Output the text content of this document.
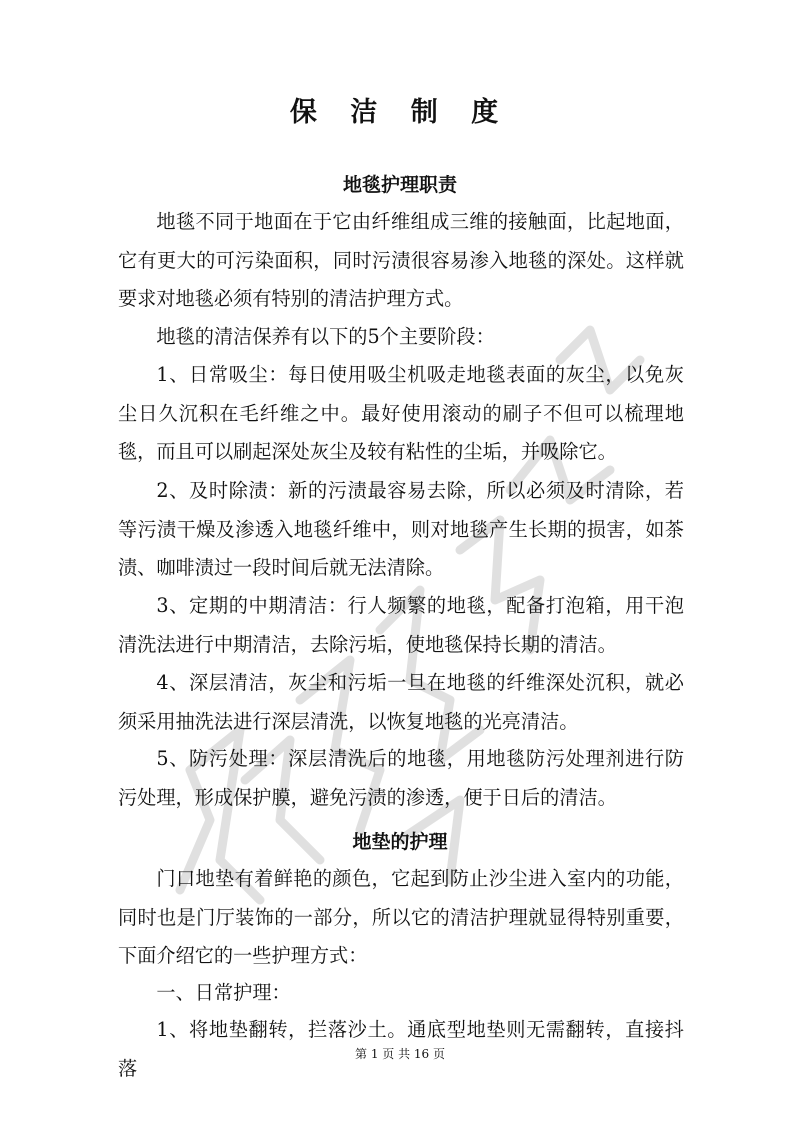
保 洁 制 度
地毯护理职责

地毯不同于地面在于它由纤维组成三维的接触面，比起地面，它有更大的可污染面积，同时污渍很容易渗入地毯的深处。这样就要求对地毯必须有特别的清洁护理方式。

地毯的清洁保养有以下的5个主要阶段：

1、日常吸尘：每日使用吸尘机吸走地毯表面的灰尘，以免灰尘日久沉积在毛纤维之中。最好使用滚动的刷子不但可以梳理地毯，而且可以刷起深处灰尘及较有粘性的尘垢，并吸除它。

2、及时除渍：新的污渍最容易去除，所以必须及时清除，若等污渍干燥及渗透入地毯纤维中，则对地毯产生长期的损害，如茶渍、咖啡渍过一段时间后就无法清除。

3、定期的中期清洁：行人频繁的地毯，配备打泡箱，用干泡清洗法进行中期清洁，去除污垢，使地毯保持长期的清洁。

4、深层清洁，灰尘和污垢一旦在地毯的纤维深处沉积，就必须采用抽洗法进行深层清洗，以恢复地毯的光亮清洁。

5、防污处理：深层清洗后的地毯，用地毯防污处理剂进行防污处理，形成保护膜，避免污渍的渗透，便于日后的清洁。

地垫的护理

门口地垫有着鲜艳的颜色，它起到防止沙尘进入室内的功能，同时也是门厅装饰的一部分，所以它的清洁护理就显得特别重要，下面介绍它的一些护理方式：

一、日常护理：

1、将地垫翻转，拦落沙土。通底型地垫则无需翻转，直接抖落

第 1 页 共 16 页
